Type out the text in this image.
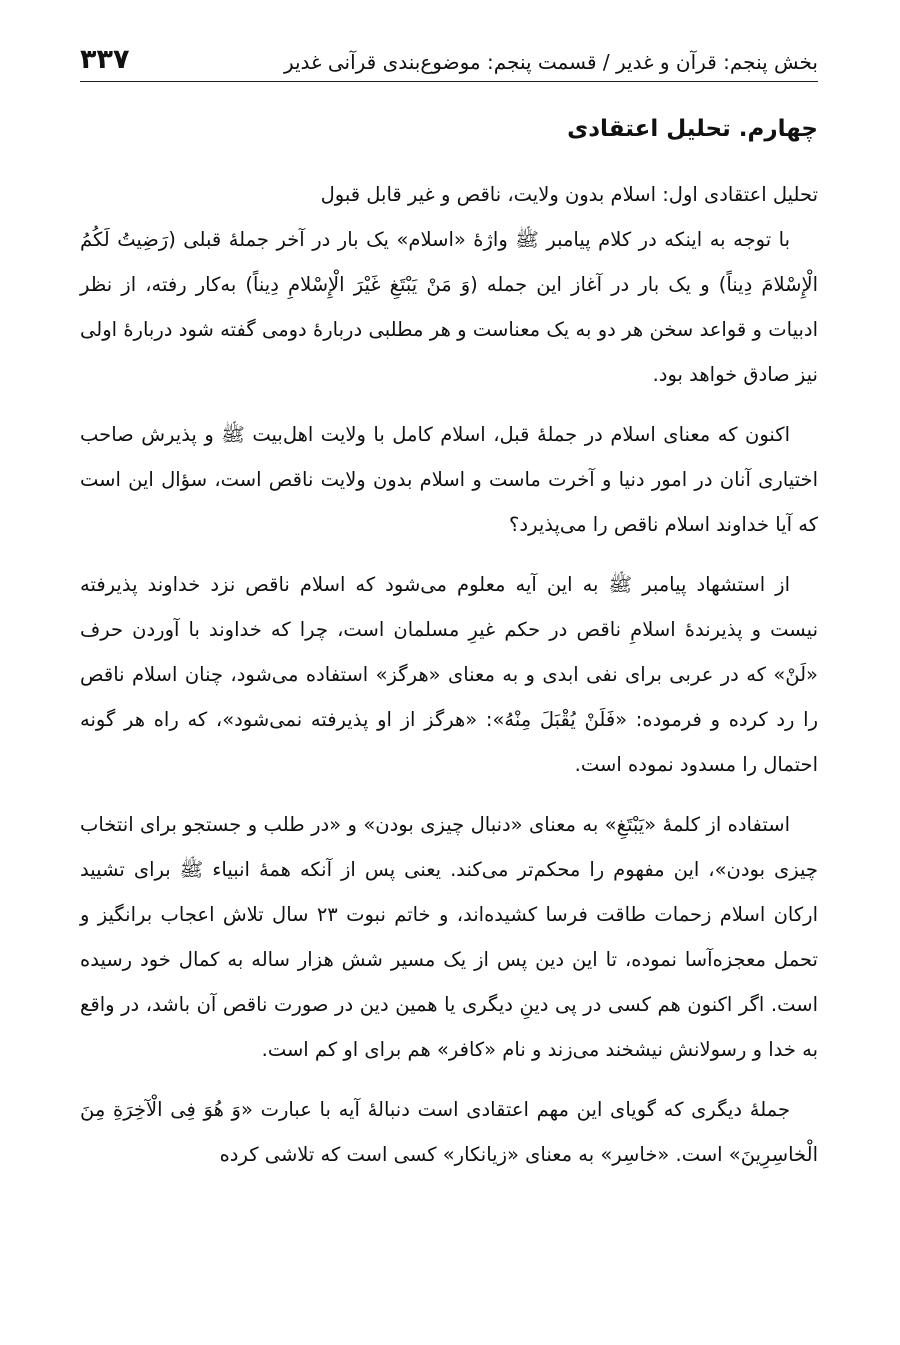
بخش پنجم: قرآن و غدیر / قسمت پنجم: موضوع‌بندی قرآنی غدیر
۳۳۷
چهارم. تحلیل اعتقادی

تحلیل اعتقادی اول: اسلام بدون ولایت، ناقص و غیر قابل قبول

با توجه به اینکه در کلام پیامبر ﷺ واژۀ «اسلام» یک بار در آخر جملۀ قبلی (رَضِیتُ لَکُمُ الْإِسْلامَ دِیناً) و یک بار در آغاز این جمله (وَ مَنْ یَبْتَغِ غَیْرَ الْإِسْلامِ دِیناً) به‌کار رفته، از نظر ادبیات و قواعد سخن هر دو به یک معناست و هر مطلبی دربارۀ دومی گفته شود دربارۀ اولی نیز صادق خواهد بود.

اکنون که معنای اسلام در جملۀ قبل، اسلام کامل با ولایت اهل‌بیت ﷺ و پذیرش صاحب اختیاری آنان در امور دنیا و آخرت ماست و اسلام بدون ولایت ناقص است، سؤال این است که آیا خداوند اسلام ناقص را می‌پذیرد؟

از استشهاد پیامبر ﷺ به این آیه معلوم می‌شود که اسلام ناقص نزد خداوند پذیرفته نیست و پذیرندۀ اسلامِ ناقص در حکم غیرِ مسلمان است، چرا که خداوند با آوردن حرف «لَنْ» که در عربی برای نفی ابدی و به معنای «هرگز» استفاده می‌شود، چنان اسلام ناقص را رد کرده و فرموده: «فَلَنْ یُقْبَلَ مِنْهُ»: «هرگز از او پذیرفته نمی‌شود»، که راه هر گونه احتمال را مسدود نموده است.

استفاده از کلمۀ «یَبْتَغِ» به معنای «دنبال چیزی بودن» و «در طلب و جستجو برای انتخاب چیزی بودن»، این مفهوم را محکم‌تر می‌کند. یعنی پس از آنکه همۀ انبیاء ﷺ برای تشیید ارکان اسلام زحمات طاقت فرسا کشیده‌اند، و خاتم نبوت ۲۳ سال تلاش اعجاب برانگیز و تحمل معجزه‌آسا نموده، تا این دین پس از یک مسیر شش هزار ساله به کمال خود رسیده است. اگر اکنون هم کسی در پی دینِ دیگری یا همین دین در صورت ناقص آن باشد، در واقع به خدا و رسولانش نیشخند می‌زند و نام «کافر» هم برای او کم است.

جملۀ دیگری که گویای این مهم اعتقادی است دنبالۀ آیه با عبارت «وَ هُوَ فِی الْآخِرَةِ مِنَ الْخاسِرِینَ» است. «خاسِر» به معنای «زیانکار» کسی است که تلاشی کرده
